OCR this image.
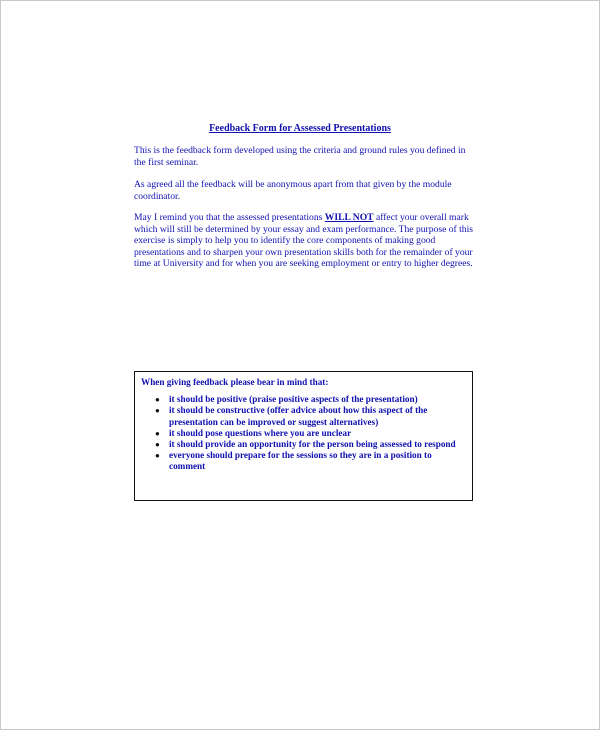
Feedback Form for Assessed Presentations
This is the feedback form developed using the criteria and ground rules you defined in the first seminar.
As agreed all the feedback will be anonymous apart from that given by the module coordinator.
May I remind you that the assessed presentations WILL NOT affect your overall mark which will still be determined by your essay and exam performance. The purpose of this exercise is simply to help you to identify the core components of making good presentations and to sharpen your own presentation skills both for the remainder of your time at University and for when you are seeking employment or entry to higher degrees.
When giving feedback please bear in mind that:
● it should be positive (praise positive aspects of the presentation)
● it should be constructive (offer advice about how this aspect of the presentation can be improved or suggest alternatives)
● it should pose questions where you are unclear
● it should provide an opportunity for the person being assessed to respond
● everyone should prepare for the sessions so they are in a position to comment
